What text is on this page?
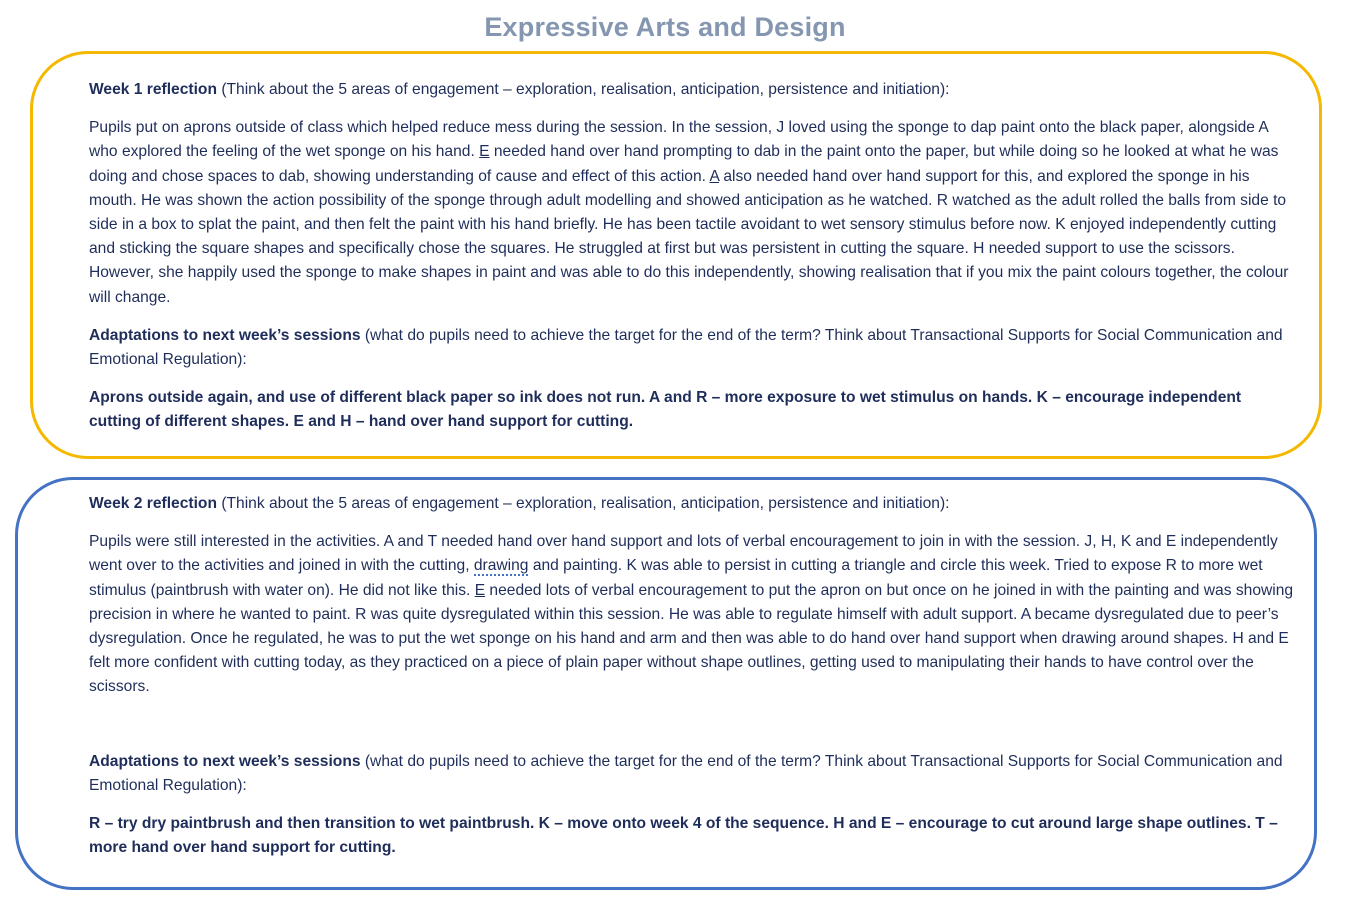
Expressive Arts and Design

Week 1 reflection (Think about the 5 areas of engagement – exploration, realisation, anticipation, persistence and initiation):

Pupils put on aprons outside of class which helped reduce mess during the session. In the session, J loved using the sponge to dap paint onto the black paper, alongside A who explored the feeling of the wet sponge on his hand. E needed hand over hand prompting to dab in the paint onto the paper, but while doing so he looked at what he was doing and chose spaces to dab, showing understanding of cause and effect of this action. A also needed hand over hand support for this, and explored the sponge in his mouth. He was shown the action possibility of the sponge through adult modelling and showed anticipation as he watched. R watched as the adult rolled the balls from side to side in a box to splat the paint, and then felt the paint with his hand briefly. He has been tactile avoidant to wet sensory stimulus before now. K enjoyed independently cutting and sticking the square shapes and specifically chose the squares. He struggled at first but was persistent in cutting the square. H needed support to use the scissors. However, she happily used the sponge to make shapes in paint and was able to do this independently, showing realisation that if you mix the paint colours together, the colour will change.

Adaptations to next week’s sessions (what do pupils need to achieve the target for the end of the term? Think about Transactional Supports for Social Communication and Emotional Regulation):

Aprons outside again, and use of different black paper so ink does not run. A and R – more exposure to wet stimulus on hands. K – encourage independent cutting of different shapes. E and H – hand over hand support for cutting.

Week 2 reflection (Think about the 5 areas of engagement – exploration, realisation, anticipation, persistence and initiation):

Pupils were still interested in the activities. A and T needed hand over hand support and lots of verbal encouragement to join in with the session. J, H, K and E independently went over to the activities and joined in with the cutting, drawing and painting. K was able to persist in cutting a triangle and circle this week. Tried to expose R to more wet stimulus (paintbrush with water on). He did not like this. E needed lots of verbal encouragement to put the apron on but once on he joined in with the painting and was showing precision in where he wanted to paint. R was quite dysregulated within this session. He was able to regulate himself with adult support. A became dysregulated due to peer’s dysregulation. Once he regulated, he was to put the wet sponge on his hand and arm and then was able to do hand over hand support when drawing around shapes. H and E felt more confident with cutting today, as they practiced on a piece of plain paper without shape outlines, getting used to manipulating their hands to have control over the scissors.

Adaptations to next week’s sessions (what do pupils need to achieve the target for the end of the term? Think about Transactional Supports for Social Communication and Emotional Regulation):

R – try dry paintbrush and then transition to wet paintbrush. K – move onto week 4 of the sequence. H and E – encourage to cut around large shape outlines. T – more hand over hand support for cutting.
